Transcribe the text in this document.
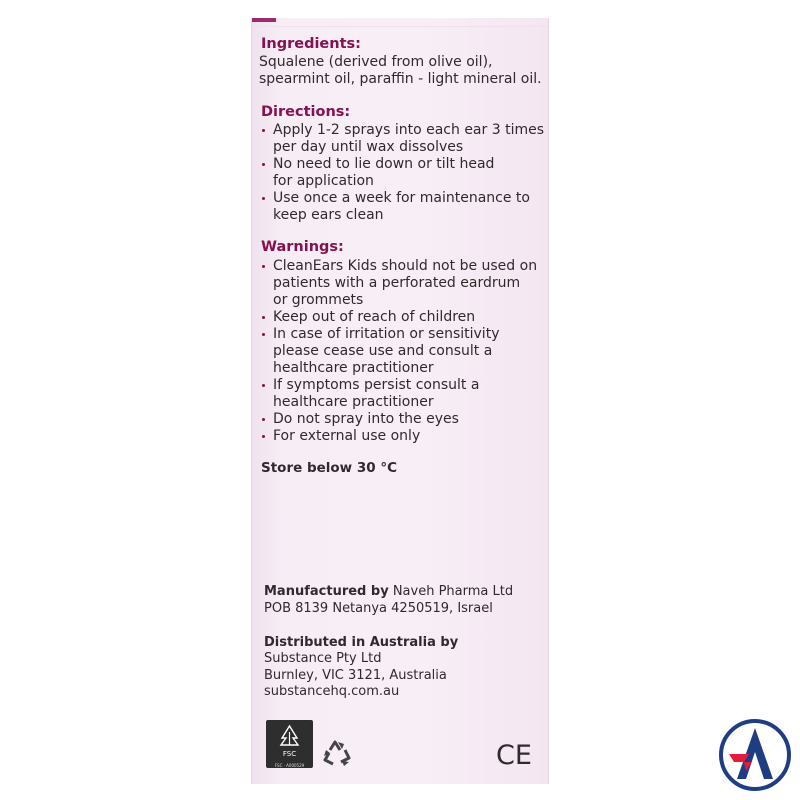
Ingredients:
Squalene (derived from olive oil),
spearmint oil, paraffin - light mineral oil.
Directions:
Apply 1-2 sprays into each ear 3 times
per day until wax dissolves
No need to lie down or tilt head
for application
Use once a week for maintenance to
keep ears clean
Warnings:
CleanEars Kids should not be used on
patients with a perforated eardrum
or grommets
Keep out of reach of children
In case of irritation or sensitivity
please cease use and consult a
healthcare practitioner
If symptoms persist consult a
healthcare practitioner
Do not spray into the eyes
For external use only
Store below 30 °C
Manufactured by Naveh Pharma Ltd
POB 8139 Netanya 4250519, Israel
Distributed in Australia by
Substance Pty Ltd
Burnley, VIC 3121, Australia
substancehq.com.au
FSC
FSC · A000529	CE
